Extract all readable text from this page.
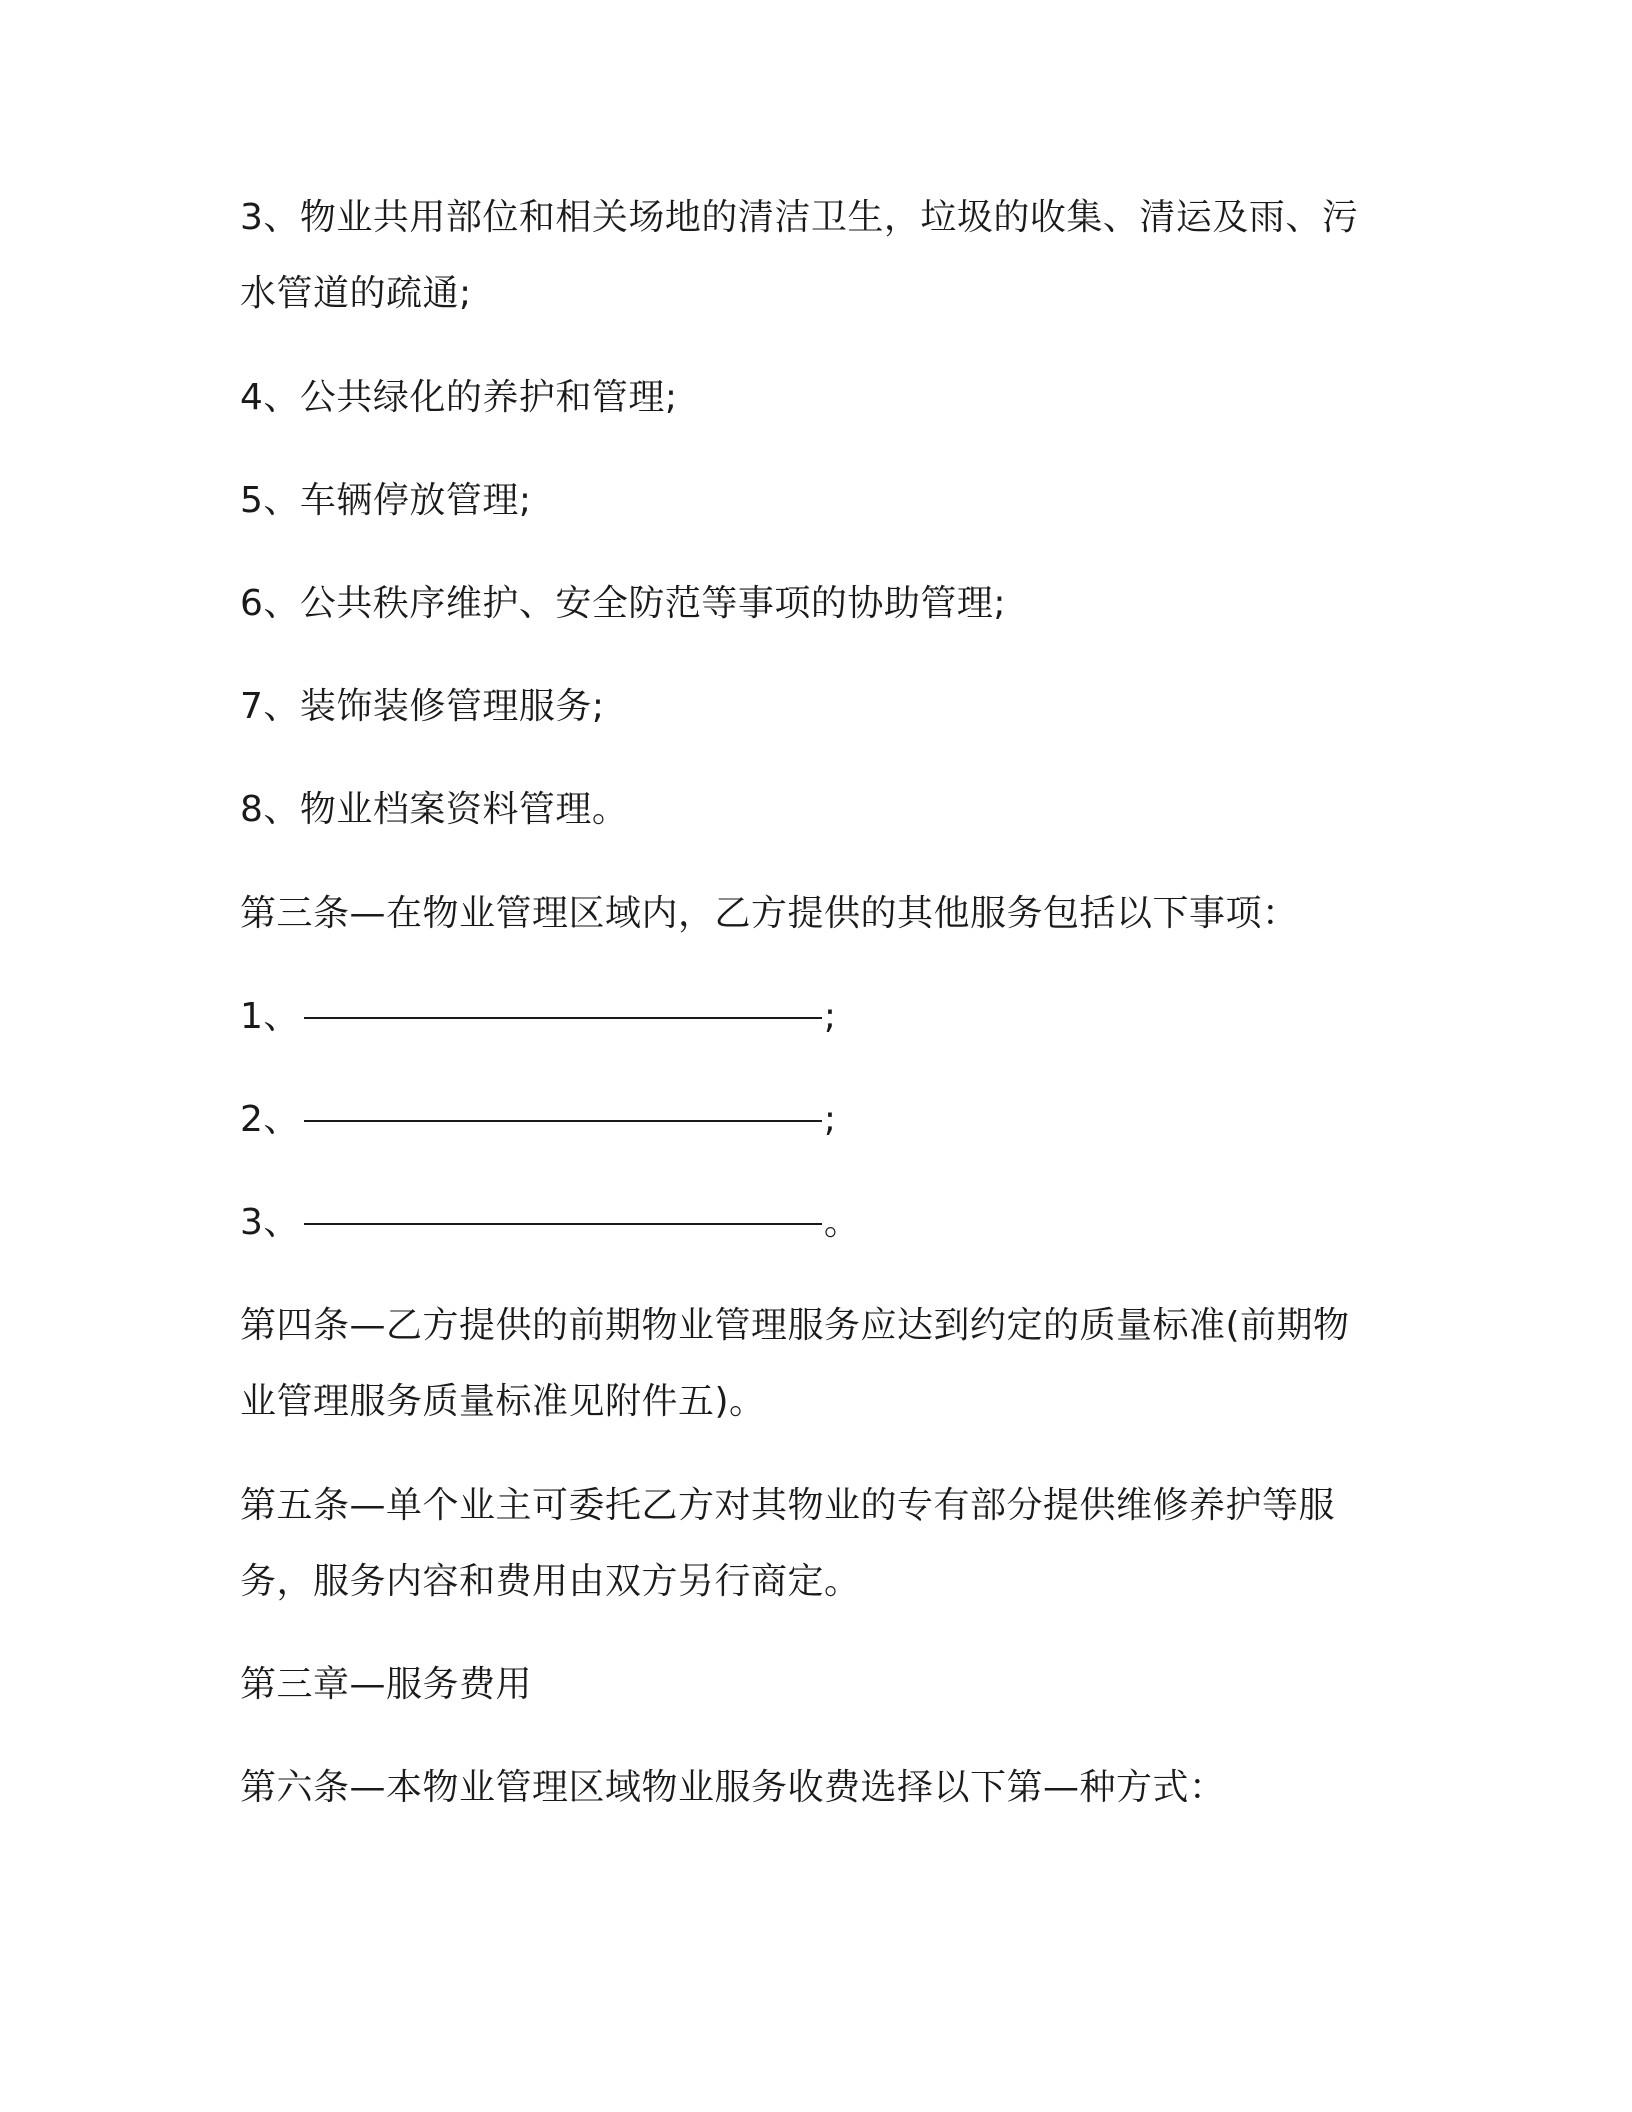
3、物业共用部位和相关场地的清洁卫生，垃圾的收集、清运及雨、污
水管道的疏通;
4、公共绿化的养护和管理;
5、车辆停放管理;
6、公共秩序维护、安全防范等事项的协助管理;
7、装饰装修管理服务;
8、物业档案资料管理。
第三条—在物业管理区域内，乙方提供的其他服务包括以下事项：
1、	;
2、	;
3、	。
第四条—乙方提供的前期物业管理服务应达到约定的质量标准(前期物
业管理服务质量标准见附件五)。
第五条—单个业主可委托乙方对其物业的专有部分提供维修养护等服
务，服务内容和费用由双方另行商定。
第三章—服务费用
第六条—本物业管理区域物业服务收费选择以下第—种方式：
